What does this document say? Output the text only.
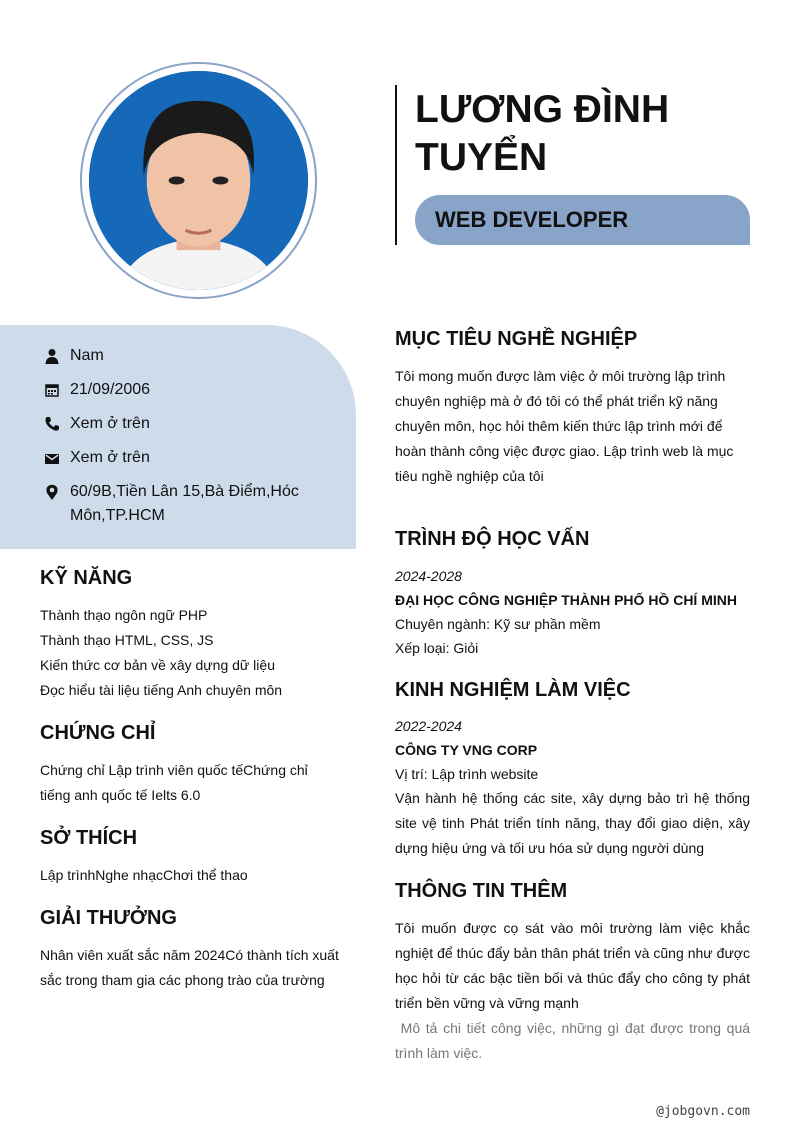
LƯƠNG ĐÌNH TUYỂN
WEB DEVELOPER
Nam
21/09/2006
Xem ở trên
Xem ở trên
60/9B,Tiền Lân 15,Bà Điểm,Hóc Môn,TP.HCM
KỸ NĂNG
Thành thạo ngôn ngữ PHP
Thành thạo HTML, CSS, JS
Kiến thức cơ bản về xây dựng dữ liệu
Đọc hiểu tài liệu tiếng Anh chuyên môn
CHỨNG CHỈ
Chứng chỉ Lập trình viên quốc tếChứng chỉ tiếng anh quốc tế Ielts 6.0
SỞ THÍCH
Lập trìnhNghe nhạcChơi thể thao
GIẢI THƯỞNG
Nhân viên xuất sắc năm 2024Có thành tích xuất sắc trong tham gia các phong trào của trường
MỤC TIÊU NGHỀ NGHIỆP
Tôi mong muốn được làm việc ở môi trường lập trình chuyên nghiệp mà ở đó tôi có thể phát triển kỹ năng chuyên môn, học hỏi thêm kiến thức lập trình mới để hoàn thành công việc được giao. Lập trình web là mục tiêu nghề nghiệp của tôi
TRÌNH ĐỘ HỌC VẤN
2024-2028
ĐẠI HỌC CÔNG NGHIỆP THÀNH PHỐ HỒ CHÍ MINH
Chuyên ngành: Kỹ sư phần mềm
Xếp loại: Giỏi
KINH NGHIỆM LÀM VIỆC
2022-2024
CÔNG TY VNG CORP
Vị trí: Lập trình website
Vận hành hệ thống các site, xây dựng bảo trì hệ thống site vệ tinh Phát triển tính năng, thay đổi giao diện, xây dựng hiệu ứng và tối ưu hóa sử dụng người dùng
THÔNG TIN THÊM
Tôi muốn được cọ sát vào môi trường làm việc khắc nghiệt để thúc đẩy bản thân phát triển và cũng như được học hỏi từ các bậc tiền bối và thúc đẩy cho công ty phát triển bền vững và vững mạnh
Mô tả chi tiết công việc, những gì đạt được trong quá trình làm việc.
@jobgovn.com
